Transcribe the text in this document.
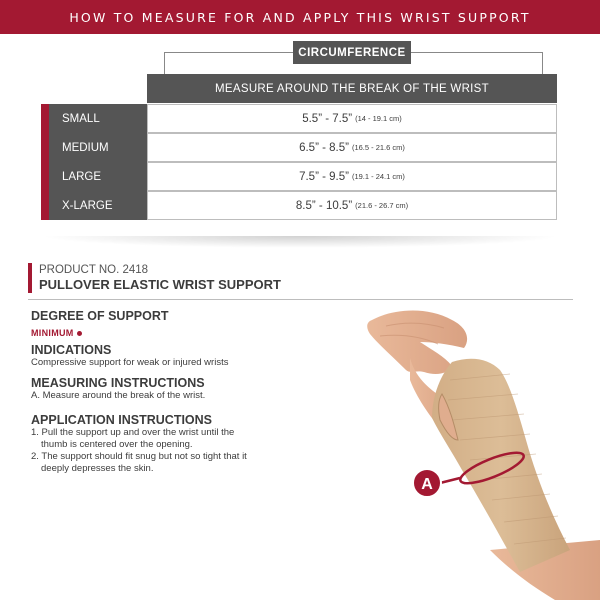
HOW TO MEASURE FOR AND APPLY THIS WRIST SUPPORT
CIRCUMFERENCE
MEASURE AROUND THE BREAK OF THE WRIST
SMALL	5.5” - 7.5” (14 - 19.1 cm)
MEDIUM	6.5” - 8.5” (16.5 - 21.6 cm)
LARGE	7.5” - 9.5” (19.1 - 24.1 cm)
X-LARGE	8.5” - 10.5” (21.6 - 26.7 cm)
PRODUCT NO. 2418
PULLOVER ELASTIC WRIST SUPPORT
DEGREE OF SUPPORT
MINIMUM
INDICATIONS
Compressive support for weak or injured wrists
MEASURING INSTRUCTIONS
A. Measure around the break of the wrist.
APPLICATION INSTRUCTIONS
1. Pull the support up and over the wrist until the thumb is centered over the opening.
2. The support should fit snug but not so tight that it deeply depresses the skin.
A
